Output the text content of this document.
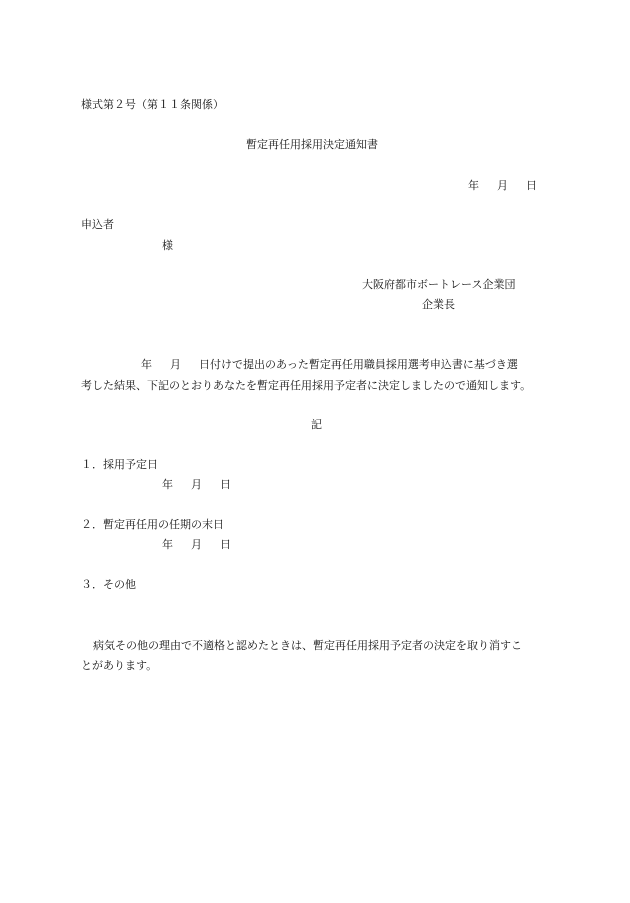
様式第２号（第１１条関係）
暫定再任用採用決定通知書
年 月 日
申込者
様
大阪府都市ボートレース企業団
企業長
年 月 日付けで提出のあった暫定再任用職員採用選考申込書に基づき選
考した結果、下記のとおりあなたを暫定再任用採用予定者に決定しましたので通知します。
記
１．採用予定日
年 月 日
２．暫定再任用の任期の末日
年 月 日
３．その他
病気その他の理由で不適格と認めたときは、暫定再任用採用予定者の決定を取り消すこ
とがあります。
